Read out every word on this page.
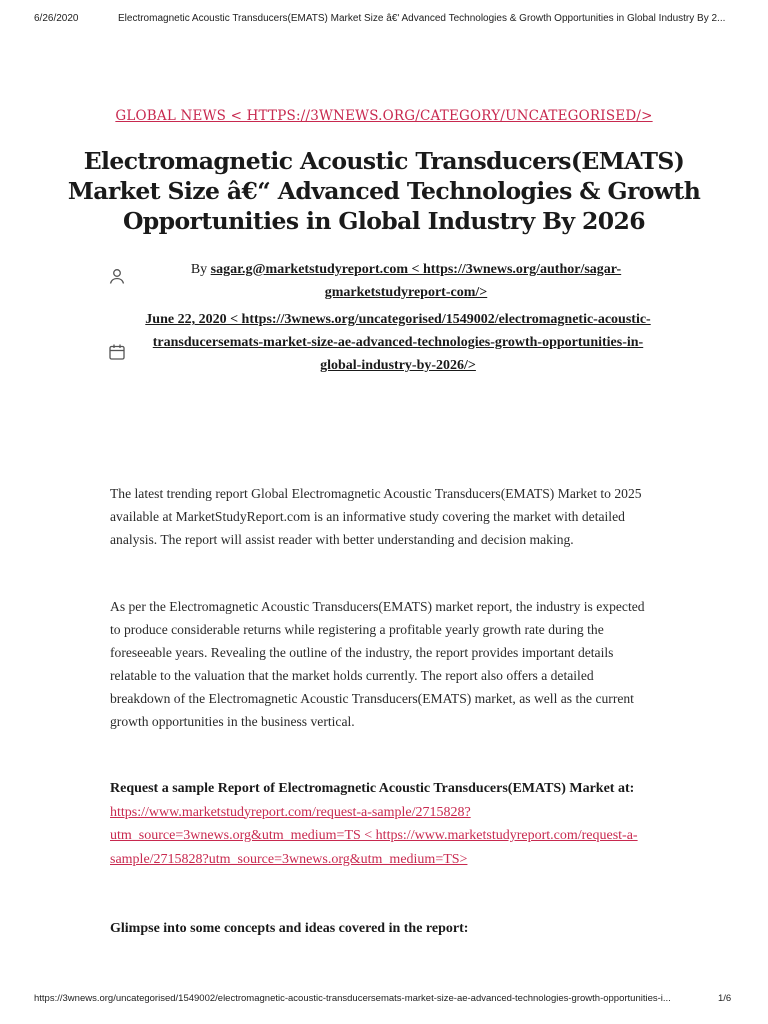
6/26/2020	Electromagnetic Acoustic Transducers(EMATS) Market Size â€' Advanced Technologies & Growth Opportunities in Global Industry By 2...
GLOBAL NEWS < HTTPS://3WNEWS.ORG/CATEGORY/UNCATEGORISED/>
Electromagnetic Acoustic Transducers(EMATS) Market Size â€“ Advanced Technologies & Growth Opportunities in Global Industry By 2026
By sagar.g@marketstudyreport.com < https://3wnews.org/author/sagar-gmarketstudyreport-com/>
June 22, 2020 < https://3wnews.org/uncategorised/1549002/electromagnetic-acoustic-transducersemats-market-size-ae-advanced-technologies-growth-opportunities-in-global-industry-by-2026/>

The latest trending report Global Electromagnetic Acoustic Transducers(EMATS) Market to 2025 available at MarketStudyReport.com is an informative study covering the market with detailed analysis. The report will assist reader with better understanding and decision making.

As per the Electromagnetic Acoustic Transducers(EMATS) market report, the industry is expected to produce considerable returns while registering a profitable yearly growth rate during the foreseeable years. Revealing the outline of the industry, the report provides important details relatable to the valuation that the market holds currently. The report also offers a detailed breakdown of the Electromagnetic Acoustic Transducers(EMATS) market, as well as the current growth opportunities in the business vertical.

Request a sample Report of Electromagnetic Acoustic Transducers(EMATS) Market at: https://www.marketstudyreport.com/request-a-sample/2715828?utm_source=3wnews.org&utm_medium=TS < https://www.marketstudyreport.com/request-a-sample/2715828?utm_source=3wnews.org&utm_medium=TS>

Glimpse into some concepts and ideas covered in the report:

https://3wnews.org/uncategorised/1549002/electromagnetic-acoustic-transducersemats-market-size-ae-advanced-technologies-growth-opportunities-i...	1/6
